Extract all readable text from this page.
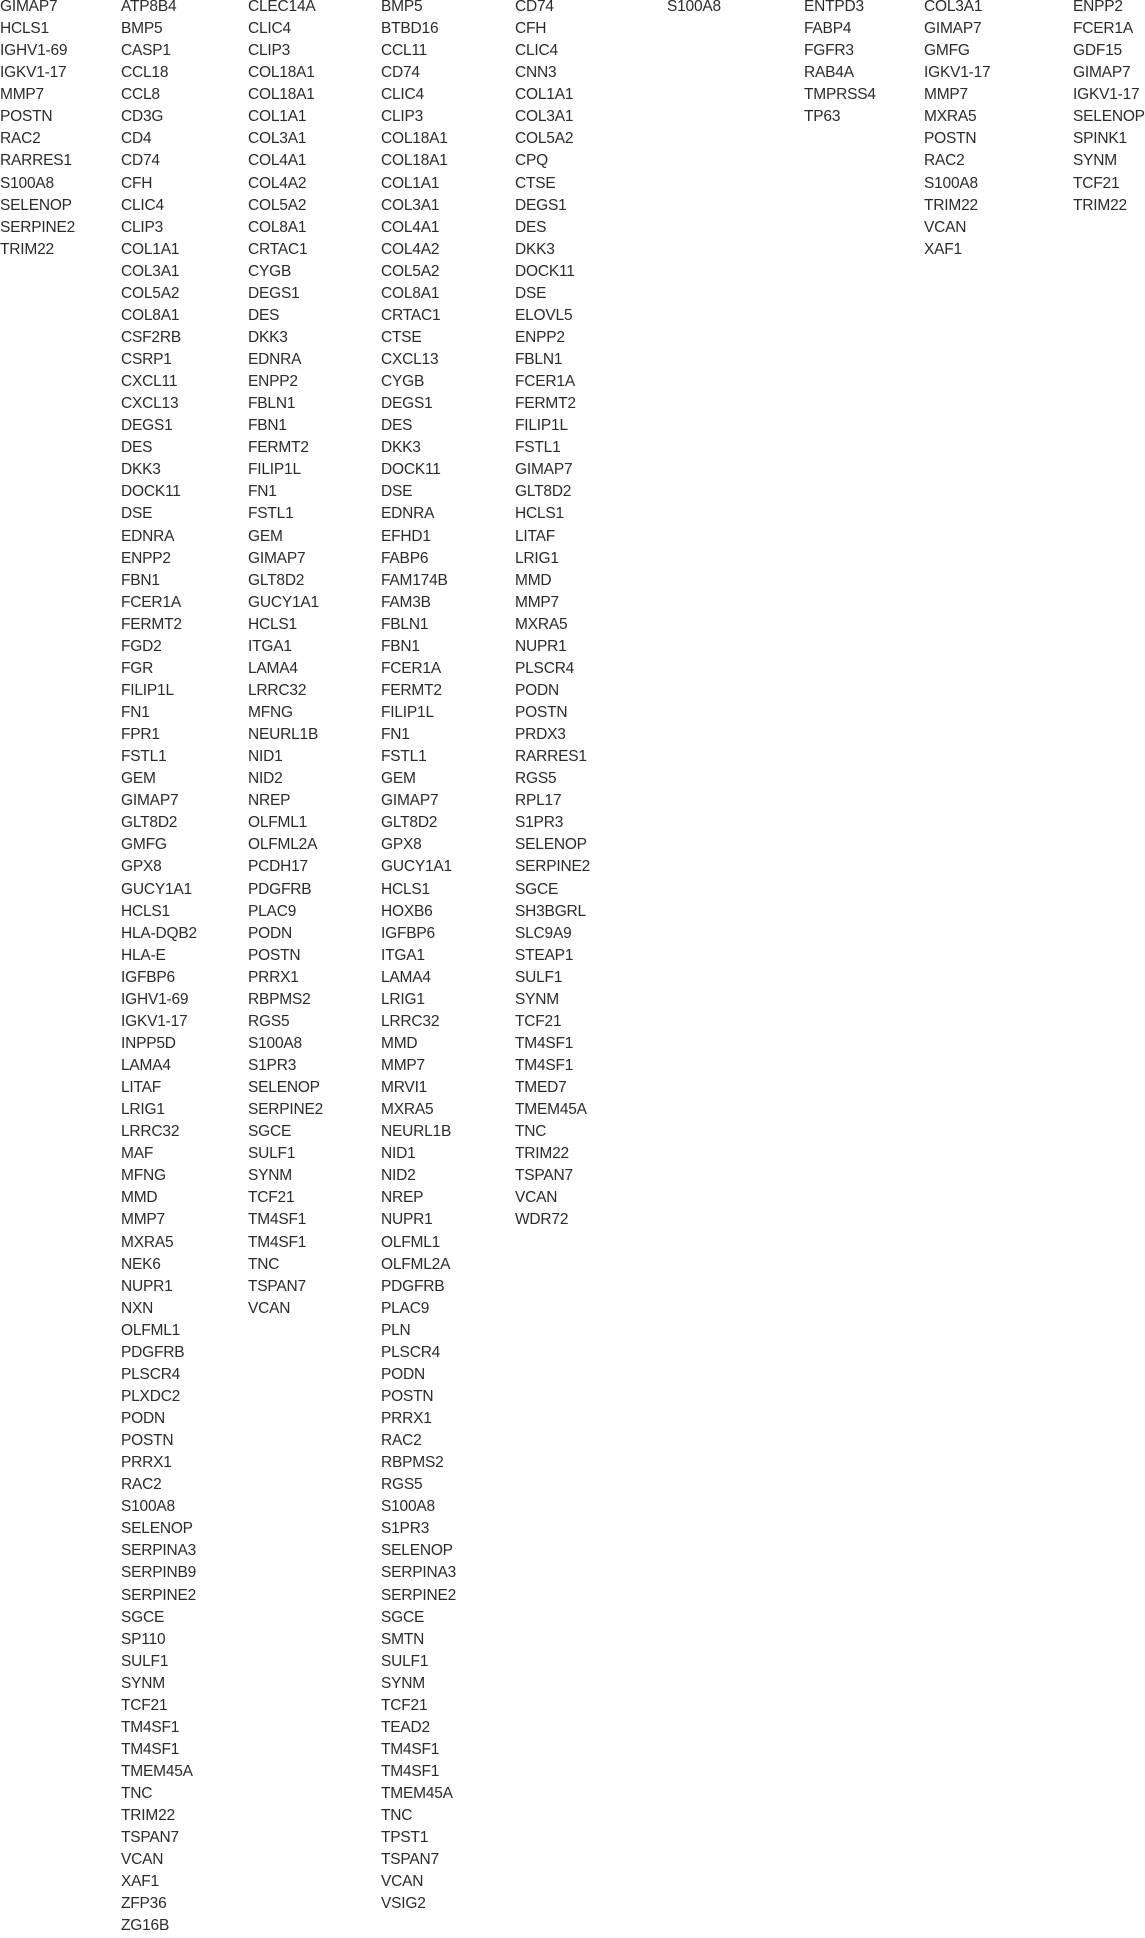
GIMAP7
HCLS1
IGHV1-69
IGKV1-17
MMP7
POSTN
RAC2
RARRES1
S100A8
SELENOP
SERPINE2
TRIM22
ATP8B4
BMP5
CASP1
CCL18
CCL8
CD3G
CD4
CD74
CFH
CLIC4
CLIP3
COL1A1
COL3A1
COL5A2
COL8A1
CSF2RB
CSRP1
CXCL11
CXCL13
DEGS1
DES
DKK3
DOCK11
DSE
EDNRA
ENPP2
FBN1
FCER1A
FERMT2
FGD2
FGR
FILIP1L
FN1
FPR1
FSTL1
GEM
GIMAP7
GLT8D2
GMFG
GPX8
GUCY1A1
HCLS1
HLA-DQB2
HLA-E
IGFBP6
IGHV1-69
IGKV1-17
INPP5D
LAMA4
LITAF
LRIG1
LRRC32
MAF
MFNG
MMD
MMP7
MXRA5
NEK6
NUPR1
NXN
OLFML1
PDGFRB
PLSCR4
PLXDC2
PODN
POSTN
PRRX1
RAC2
S100A8
SELENOP
SERPINA3
SERPINB9
SERPINE2
SGCE
SP110
SULF1
SYNM
TCF21
TM4SF1
TM4SF1
TMEM45A
TNC
TRIM22
TSPAN7
VCAN
XAF1
ZFP36
ZG16B
CLEC14A
CLIC4
CLIP3
COL18A1
COL18A1
COL1A1
COL3A1
COL4A1
COL4A2
COL5A2
COL8A1
CRTAC1
CYGB
DEGS1
DES
DKK3
EDNRA
ENPP2
FBLN1
FBN1
FERMT2
FILIP1L
FN1
FSTL1
GEM
GIMAP7
GLT8D2
GUCY1A1
HCLS1
ITGA1
LAMA4
LRRC32
MFNG
NEURL1B
NID1
NID2
NREP
OLFML1
OLFML2A
PCDH17
PDGFRB
PLAC9
PODN
POSTN
PRRX1
RBPMS2
RGS5
S100A8
S1PR3
SELENOP
SERPINE2
SGCE
SULF1
SYNM
TCF21
TM4SF1
TM4SF1
TNC
TSPAN7
VCAN
BMP5
BTBD16
CCL11
CD74
CLIC4
CLIP3
COL18A1
COL18A1
COL1A1
COL3A1
COL4A1
COL4A2
COL5A2
COL8A1
CRTAC1
CTSE
CXCL13
CYGB
DEGS1
DES
DKK3
DOCK11
DSE
EDNRA
EFHD1
FABP6
FAM174B
FAM3B
FBLN1
FBN1
FCER1A
FERMT2
FILIP1L
FN1
FSTL1
GEM
GIMAP7
GLT8D2
GPX8
GUCY1A1
HCLS1
HOXB6
IGFBP6
ITGA1
LAMA4
LRIG1
LRRC32
MMD
MMP7
MRVI1
MXRA5
NEURL1B
NID1
NID2
NREP
NUPR1
OLFML1
OLFML2A
PDGFRB
PLAC9
PLN
PLSCR4
PODN
POSTN
PRRX1
RAC2
RBPMS2
RGS5
S100A8
S1PR3
SELENOP
SERPINA3
SERPINE2
SGCE
SMTN
SULF1
SYNM
TCF21
TEAD2
TM4SF1
TM4SF1
TMEM45A
TNC
TPST1
TSPAN7
VCAN
VSIG2
CD74
CFH
CLIC4
CNN3
COL1A1
COL3A1
COL5A2
CPQ
CTSE
DEGS1
DES
DKK3
DOCK11
DSE
ELOVL5
ENPP2
FBLN1
FCER1A
FERMT2
FILIP1L
FSTL1
GIMAP7
GLT8D2
HCLS1
LITAF
LRIG1
MMD
MMP7
MXRA5
NUPR1
PLSCR4
PODN
POSTN
PRDX3
RARRES1
RGS5
RPL17
S1PR3
SELENOP
SERPINE2
SGCE
SH3BGRL
SLC9A9
STEAP1
SULF1
SYNM
TCF21
TM4SF1
TM4SF1
TMED7
TMEM45A
TNC
TRIM22
TSPAN7
VCAN
WDR72
S100A8	ENTPD3
FABP4
FGFR3
RAB4A
TMPRSS4
TP63
COL3A1
GIMAP7
GMFG
IGKV1-17
MMP7
MXRA5
POSTN
RAC2
S100A8
TRIM22
VCAN
XAF1
ENPP2
FCER1A
GDF15
GIMAP7
IGKV1-17
SELENOP
SPINK1
SYNM
TCF21
TRIM22
